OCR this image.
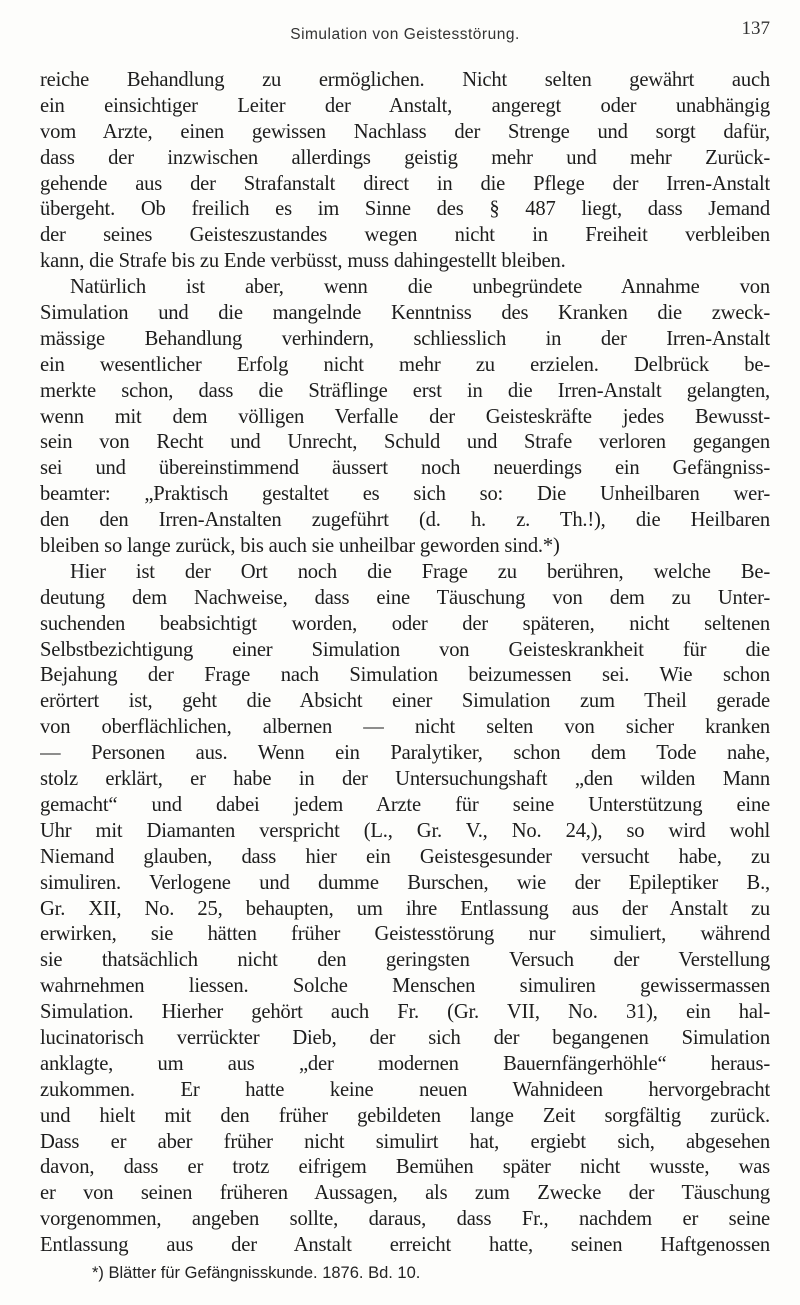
Simulation von Geistesstörung.	137
reiche Behandlung zu ermöglichen. Nicht selten gewährt auch
ein einsichtiger Leiter der Anstalt, angeregt oder unabhängig
vom Arzte, einen gewissen Nachlass der Strenge und sorgt dafür,
dass der inzwischen allerdings geistig mehr und mehr Zurück-
gehende aus der Strafanstalt direct in die Pflege der Irren-Anstalt
übergeht. Ob freilich es im Sinne des § 487 liegt, dass Jemand
der seines Geisteszustandes wegen nicht in Freiheit verbleiben
kann, die Strafe bis zu Ende verbüsst, muss dahingestellt bleiben.
Natürlich ist aber, wenn die unbegründete Annahme von
Simulation und die mangelnde Kenntniss des Kranken die zweck-
mässige Behandlung verhindern, schliesslich in der Irren-Anstalt
ein wesentlicher Erfolg nicht mehr zu erzielen. Delbrück be-
merkte schon, dass die Sträflinge erst in die Irren-Anstalt gelangten,
wenn mit dem völligen Verfalle der Geisteskräfte jedes Bewusst-
sein von Recht und Unrecht, Schuld und Strafe verloren gegangen
sei und übereinstimmend äussert noch neuerdings ein Gefängniss-
beamter: „Praktisch gestaltet es sich so: Die Unheilbaren wer-
den den Irren-Anstalten zugeführt (d. h. z. Th.!), die Heilbaren
bleiben so lange zurück, bis auch sie unheilbar geworden sind.*)
Hier ist der Ort noch die Frage zu berühren, welche Be-
deutung dem Nachweise, dass eine Täuschung von dem zu Unter-
suchenden beabsichtigt worden, oder der späteren, nicht seltenen
Selbstbezichtigung einer Simulation von Geisteskrankheit für die
Bejahung der Frage nach Simulation beizumessen sei. Wie schon
erörtert ist, geht die Absicht einer Simulation zum Theil gerade
von oberflächlichen, albernen — nicht selten von sicher kranken
— Personen aus. Wenn ein Paralytiker, schon dem Tode nahe,
stolz erklärt, er habe in der Untersuchungshaft „den wilden Mann
gemacht“ und dabei jedem Arzte für seine Unterstützung eine
Uhr mit Diamanten verspricht (L., Gr. V., No. 24,), so wird wohl
Niemand glauben, dass hier ein Geistesgesunder versucht habe, zu
simuliren. Verlogene und dumme Burschen, wie der Epileptiker B.,
Gr. XII, No. 25, behaupten, um ihre Entlassung aus der Anstalt zu
erwirken, sie hätten früher Geistesstörung nur simuliert, während
sie thatsächlich nicht den geringsten Versuch der Verstellung
wahrnehmen liessen. Solche Menschen simuliren gewissermassen
Simulation. Hierher gehört auch Fr. (Gr. VII, No. 31), ein hal-
lucinatorisch verrückter Dieb, der sich der begangenen Simulation
anklagte, um aus „der modernen Bauernfängerhöhle“ heraus-
zukommen. Er hatte keine neuen Wahnideen hervorgebracht
und hielt mit den früher gebildeten lange Zeit sorgfältig zurück.
Dass er aber früher nicht simulirt hat, ergiebt sich, abgesehen
davon, dass er trotz eifrigem Bemühen später nicht wusste, was
er von seinen früheren Aussagen, als zum Zwecke der Täuschung
vorgenommen, angeben sollte, daraus, dass Fr., nachdem er seine
Entlassung aus der Anstalt erreicht hatte, seinen Haftgenossen
*) Blätter für Gefängnisskunde. 1876. Bd. 10.
